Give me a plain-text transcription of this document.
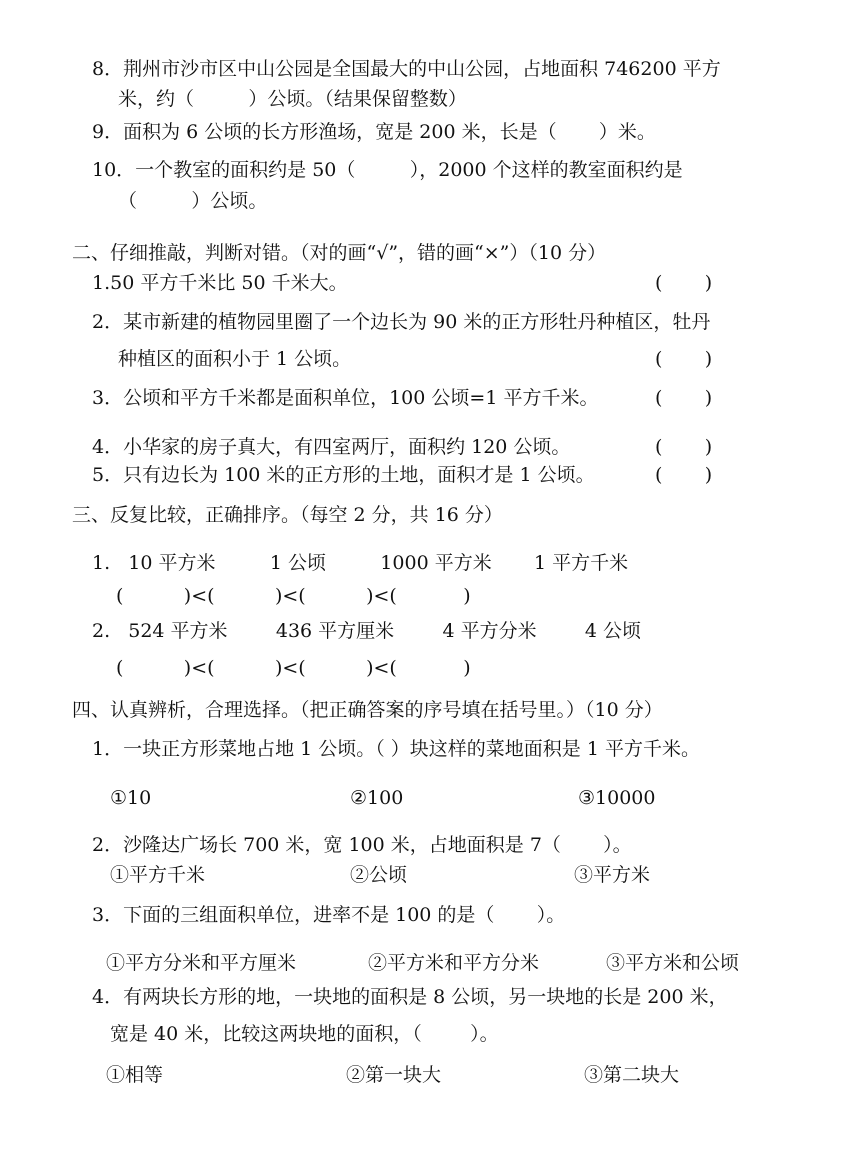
8．荆州市沙市区中山公园是全国最大的中山公园，占地面积 746200 平方
米，约（         ）公顷。（结果保留整数）
9．面积为 6 公顷的长方形渔场，宽是 200 米，长是（       ）米。
10．一个教室的面积约是 50（         ），2000 个这样的教室面积约是
（         ）公顷。
二、仔细推敲，判断对错。（对的画“√”，错的画“×”）（10 分）
1.50 平方千米比 50 千米大。	(       )
2．某市新建的植物园里圈了一个边长为 90 米的正方形牡丹种植区，牡丹
种植区的面积小于 1 公顷。	(       )
3．公顷和平方千米都是面积单位，100 公顷=1 平方千米。	(       )
4．小华家的房子真大，有四室两厅，面积约 120 公顷。	(       )
5．只有边长为 100 米的正方形的土地，面积才是 1 公顷。	(       )
三、反复比较，正确排序。（每空 2 分，共 16 分）
1.   10 平方米         1 公顷         1000 平方米       1 平方千米
(          )<(          )<(          )<(           )
2.   524 平方米        436 平方厘米        4 平方分米        4 公顷
(          )<(          )<(          )<(           )
四、认真辨析，合理选择。（把正确答案的序号填在括号里。）（10 分）
1．一块正方形菜地占地 1 公顷。（ ）块这样的菜地面积是 1 平方千米。
①10	②100	③10000
2．沙隆达广场长 700 米，宽 100 米，占地面积是 7（       ）。
①平方千米	②公顷	③平方米
3．下面的三组面积单位，进率不是 100 的是（       ）。
①平方分米和平方厘米	②平方米和平方分米	③平方米和公顷
4．有两块长方形的地，一块地的面积是 8 公顷，另一块地的长是 200 米，
宽是 40 米，比较这两块地的面积，（        ）。
①相等	②第一块大	③第二块大
